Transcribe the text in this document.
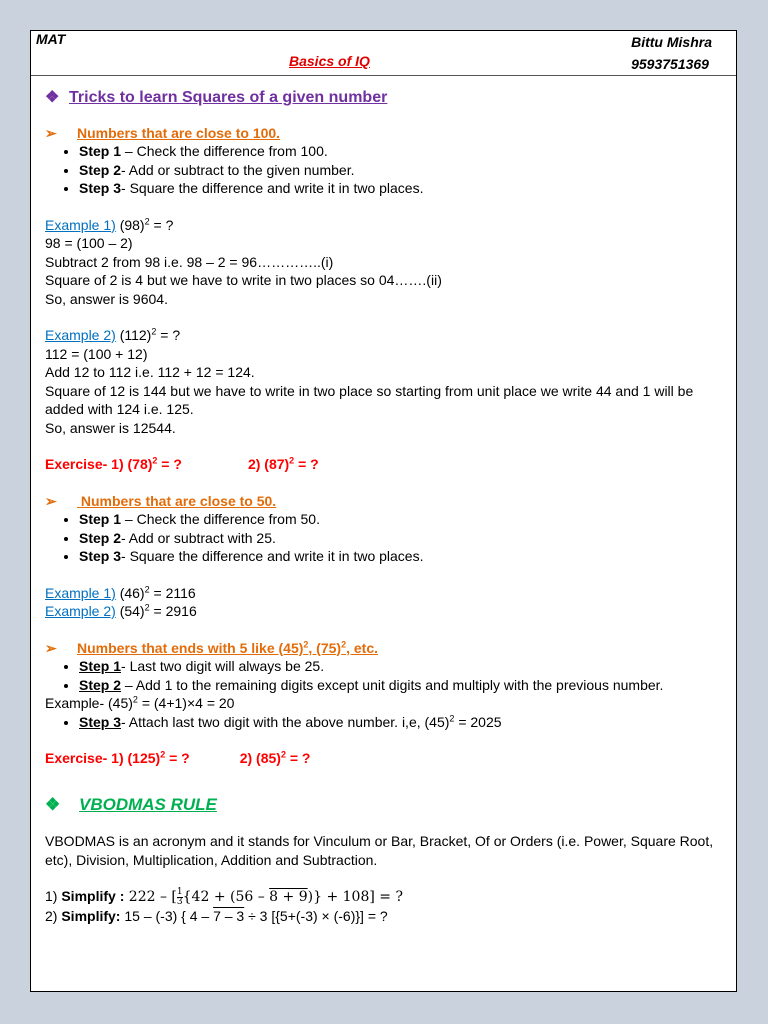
MAT
Basics of IQ
Bittu Mishra
9593751369
❖ Tricks to learn Squares of a given number
➢ Numbers that are close to 100.
• Step 1 – Check the difference from 100.
• Step 2- Add or subtract to the given number.
• Step 3- Square the difference and write it in two places.
Example 1) $(98)^2$ = ?
98 = (100 – 2)
Subtract 2 from 98 i.e. 98 – 2 = 96…………..(i)
Square of 2 is 4 but we have to write in two places so 04…….(ii)
So, answer is 9604.
Example 2) $(112)^2$ = ?
112 = (100 + 12)
Add 12 to 112 i.e. 112 + 12 = 124.
Square of 12 is 144 but we have to write in two place so starting from unit place we write 44 and 1 will be added with 124 i.e. 125.
So, answer is 12544.
Exercise- 1) $(78)^2$ = ?	2) $(87)^2$ = ?
➢ Numbers that are close to 50.
• Step 1 – Check the difference from 50.
• Step 2- Add or subtract with 25.
• Step 3- Square the difference and write it in two places.
Example 1) $(46)^2 = 2116$
Example 2) $(54)^2 = 2916$
➢ Numbers that ends with 5 like $(45)^2$, $(75)^2$, etc.
• Step 1- Last two digit will always be 25.
• Step 2 – Add 1 to the remaining digits except unit digits and multiply with the previous number.
Example- $(45)^2 = (4+1)\times 4 = 20$
• Step 3- Attach last two digit with the above number. i,e, $(45)^2 = 2025$
Exercise- 1) $(125)^2$ = ?	2) $(85)^2$ = ?
❖ VBODMAS RULE
VBODMAS is an acronym and it stands for Vinculum or Bar, Bracket, Of or Orders (i.e. Power, Square Root, etc), Division, Multiplication, Addition and Subtraction.
1) Simplify : 222 – [ $\frac{1}{3} \{42 + (56 - 8 + 9)\} + 108$] = ?
2) Simplify: 15 – (-3) { 4 – 7 – 3 ÷ 3 [{5+(-3) × (-6)}] = ?
